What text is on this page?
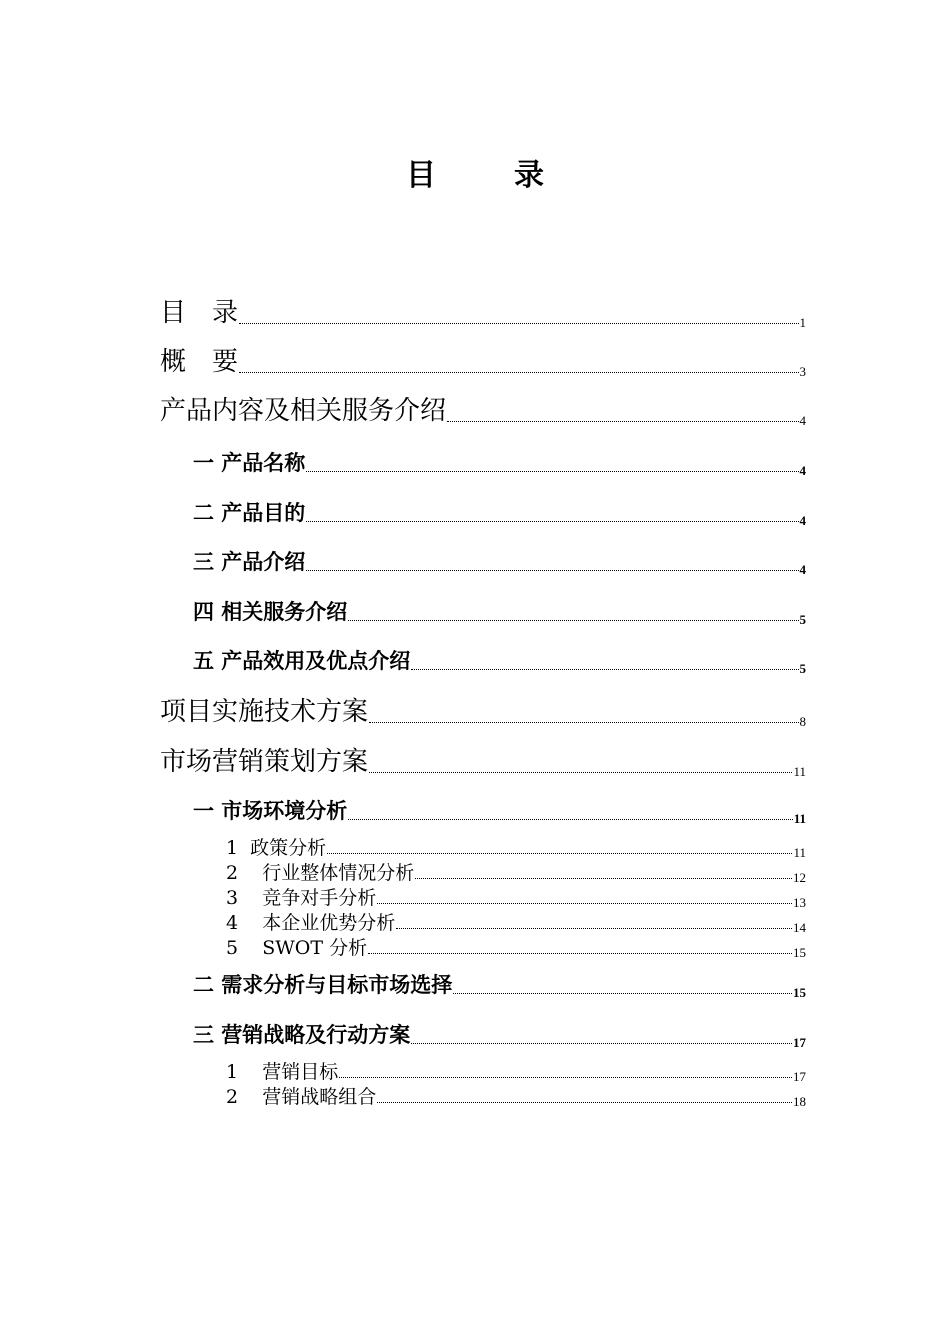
目　录
目　录	1
概　要	3
产品内容及相关服务介绍	4
一 产品名称	4
二 产品目的	4
三 产品介绍	4
四 相关服务介绍	5
五 产品效用及优点介绍	5
项目实施技术方案	8
市场营销策划方案	11
一 市场环境分析	11
1  政策分析	11
2    行业整体情况分析	12
3    竞争对手分析	13
4    本企业优势分析	14
5    SWOT 分析	15
二 需求分析与目标市场选择	15
三 营销战略及行动方案	17
1    营销目标	17
2    营销战略组合	18
